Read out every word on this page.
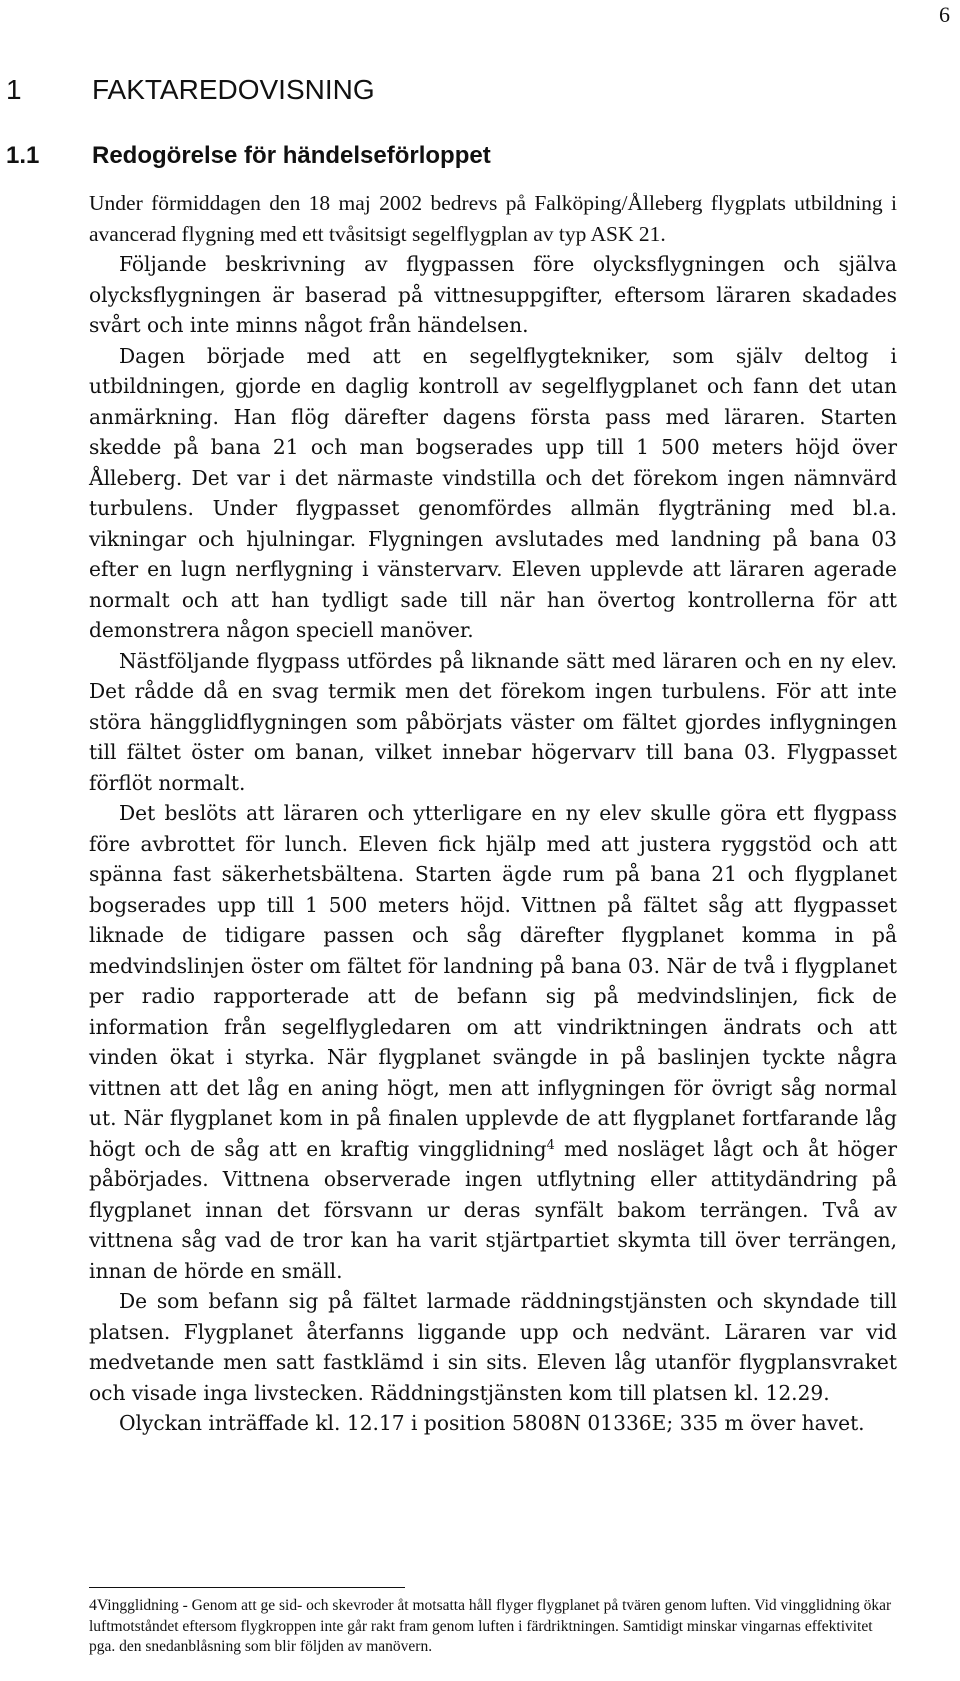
6
1	FAKTAREDOVISNING
1.1 Redogörelse för händelseförloppet

Under förmiddagen den 18 maj 2002 bedrevs på Falköping/Ålleberg flygplats utbildning i avancerad flygning med ett tvåsitsigt segelflygplan av typ ASK 21.

Följande beskrivning av flygpassen före olycksflygningen och själva olycksflygningen är baserad på vittnesuppgifter, eftersom läraren skadades svårt och inte minns något från händelsen.

Dagen började med att en segelflygtekniker, som själv deltog i utbildningen, gjorde en daglig kontroll av segelflygplanet och fann det utan anmärkning. Han flög därefter dagens första pass med läraren. Starten skedde på bana 21 och man bogserades upp till 1 500 meters höjd över Ålleberg. Det var i det närmaste vindstilla och det förekom ingen nämnvärd turbulens. Under flygpasset genomfördes allmän flygträning med bl.a. vikningar och hjulningar. Flygningen avslutades med landning på bana 03 efter en lugn nerflygning i vänstervarv. Eleven upplevde att läraren agerade normalt och att han tydligt sade till när han övertog kontrollerna för att demonstrera någon speciell manöver.

Nästföljande flygpass utfördes på liknande sätt med läraren och en ny elev. Det rådde då en svag termik men det förekom ingen turbulens. För att inte störa hängglidflygningen som påbörjats väster om fältet gjordes inflygningen till fältet öster om banan, vilket innebar högervarv till bana 03. Flygpasset förflöt normalt.

Det beslöts att läraren och ytterligare en ny elev skulle göra ett flygpass före avbrottet för lunch. Eleven fick hjälp med att justera ryggstöd och att spänna fast säkerhetsbältena. Starten ägde rum på bana 21 och flygplanet bogserades upp till 1 500 meters höjd. Vittnen på fältet såg att flygpasset liknade de tidigare passen och såg därefter flygplanet komma in på medvindslinjen öster om fältet för landning på bana 03. När de två i flygplanet per radio rapporterade att de befann sig på medvindslinjen, fick de information från segelflygledaren om att vindriktningen ändrats och att vinden ökat i styrka. När flygplanet svängde in på baslinjen tyckte några vittnen att det låg en aning högt, men att inflygningen för övrigt såg normal ut. När flygplanet kom in på finalen upplevde de att flygplanet fortfarande låg högt och de såg att en kraftig vingglidning$^4$ med nosläget lågt och åt höger påbörjades. Vittnena observerade ingen utflytning eller attitydändring på flygplanet innan det försvann ur deras synfält bakom terrängen. Två av vittnena såg vad de tror kan ha varit stjärtpartiet skymta till över terrängen, innan de hörde en smäll.

De som befann sig på fältet larmade räddningstjänsten och skyndade till platsen. Flygplanet återfanns liggande upp och nedvänt. Läraren var vid medvetande men satt fastklämd i sin sits. Eleven låg utanför flygplansvraket och visade inga livstecken. Räddningstjänsten kom till platsen kl. 12.29.

Olyckan inträffade kl. 12.17 i position 5808N 01336E; 335 m över havet.

4Vingglidning - Genom att ge sid- och skevroder åt motsatta håll flyger flygplanet på tvären genom luften. Vid vingglidning ökar luftmotståndet eftersom flygkroppen inte går rakt fram genom luften i färdriktningen. Samtidigt minskar vingarnas effektivitet pga. den snedanblåsning som blir följden av manövern.
